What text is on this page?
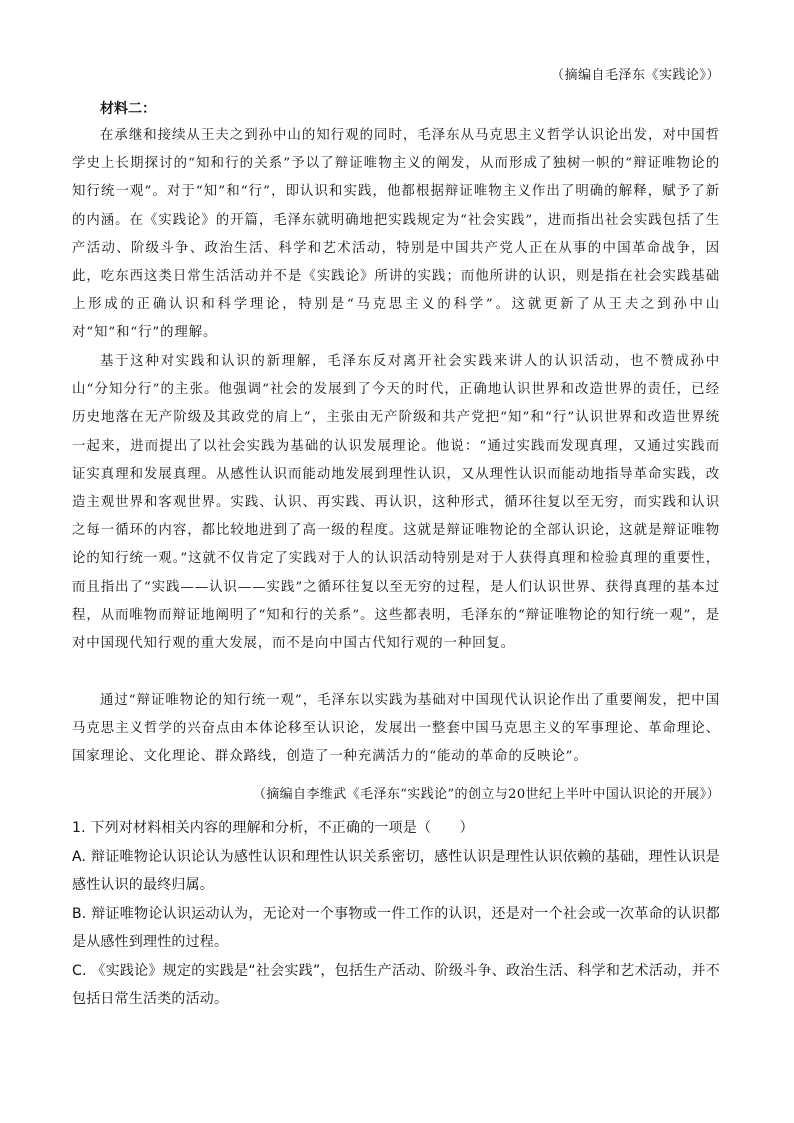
（摘编自毛泽东《实践论》）
材料二：

在承继和接续从王夫之到孙中山的知行观的同时，毛泽东从马克思主义哲学认识论出发，对中国哲学史上长期探讨的“知和行的关系”予以了辩证唯物主义的阐发，从而形成了独树一帜的“辩证唯物论的知行统一观”。对于“知”和“行”，即认识和实践，他都根据辩证唯物主义作出了明确的解释，赋予了新的内涵。在《实践论》的开篇，毛泽东就明确地把实践规定为“社会实践”，进而指出社会实践包括了生产活动、阶级斗争、政治生活、科学和艺术活动，特别是中国共产党人正在从事的中国革命战争，因此，吃东西这类日常生活活动并不是《实践论》所讲的实践；而他所讲的认识，则是指在社会实践基础上形成的正确认识和科学理论，特别是“马克思主义的科学”。这就更新了从王夫之到孙中山对“知”和“行”的理解。

基于这种对实践和认识的新理解，毛泽东反对离开社会实践来讲人的认识活动，也不赞成孙中山“分知分行”的主张。他强调“社会的发展到了今天的时代，正确地认识世界和改造世界的责任，已经历史地落在无产阶级及其政党的肩上”，主张由无产阶级和共产党把“知”和“行”认识世界和改造世界统一起来，进而提出了以社会实践为基础的认识发展理论。他说：“通过实践而发现真理，又通过实践而证实真理和发展真理。从感性认识而能动地发展到理性认识，又从理性认识而能动地指导革命实践，改造主观世界和客观世界。实践、认识、再实践、再认识，这种形式，循环往复以至无穷，而实践和认识之每一循环的内容，都比较地进到了高一级的程度。这就是辩证唯物论的全部认识论，这就是辩证唯物论的知行统一观。”这就不仅肯定了实践对于人的认识活动特别是对于人获得真理和检验真理的重要性，而且指出了“实践——认识——实践”之循环往复以至无穷的过程，是人们认识世界、获得真理的基本过程，从而唯物而辩证地阐明了“知和行的关系”。这些都表明，毛泽东的“辩证唯物论的知行统一观”，是对中国现代知行观的重大发展，而不是向中国古代知行观的一种回复。

通过“辩证唯物论的知行统一观”，毛泽东以实践为基础对中国现代认识论作出了重要阐发，把中国马克思主义哲学的兴奋点由本体论移至认识论，发展出一整套中国马克思主义的军事理论、革命理论、国家理论、文化理论、群众路线，创造了一种充满活力的“能动的革命的反映论”。

（摘编自李维武《毛泽东“实践论”的创立与20世纪上半叶中国认识论的开展》）

1. 下列对材料相关内容的理解和分析，不正确的一项是（　　）

A. 辩证唯物论认识论认为感性认识和理性认识关系密切，感性认识是理性认识依赖的基础，理性认识是感性认识的最终归属。

B. 辩证唯物论认识运动认为，无论对一个事物或一件工作的认识，还是对一个社会或一次革命的认识都是从感性到理性的过程。

C. 《实践论》规定的实践是“社会实践”，包括生产活动、阶级斗争、政治生活、科学和艺术活动，并不包括日常生活类的活动。
